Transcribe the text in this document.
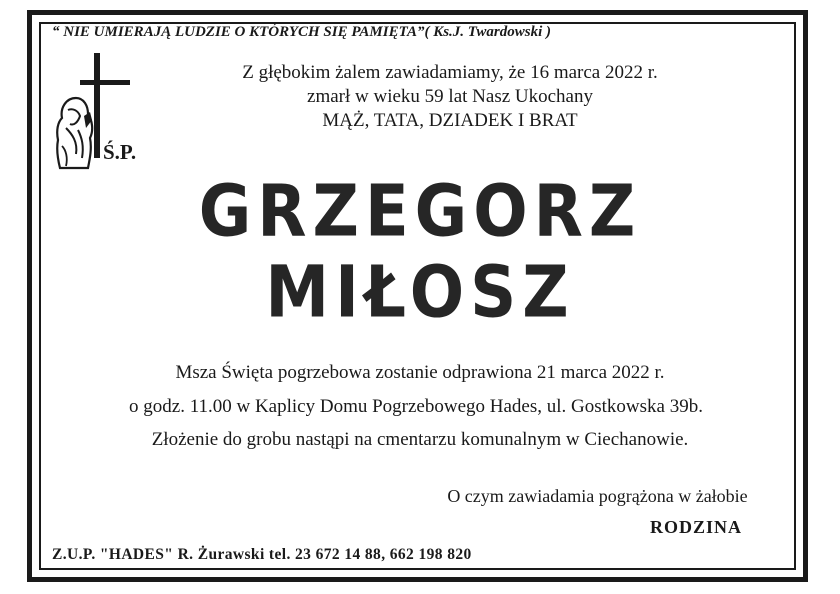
“ NIE UMIERAJĄ LUDZIE O KTÓRYCH SIĘ PAMIĘTA”( Ks.J. Twardowski )
Ś.P.
Z głębokim żalem zawiadamiamy, że 16 marca 2022 r.
zmarł w wieku 59 lat Nasz Ukochany
MĄŻ, TATA, DZIADEK I BRAT
GRZEGORZ
MIŁOSZ
Msza Święta pogrzebowa zostanie odprawiona 21 marca 2022 r.
o godz. 11.00 w Kaplicy Domu Pogrzebowego Hades, ul. Gostkowska 39b.
Złożenie do grobu nastąpi na cmentarzu komunalnym w Ciechanowie.
O czym zawiadamia pogrążona w żałobie
RODZINA
Z.U.P. "HADES" R. Żurawski tel. 23 672 14 88, 662 198 820
